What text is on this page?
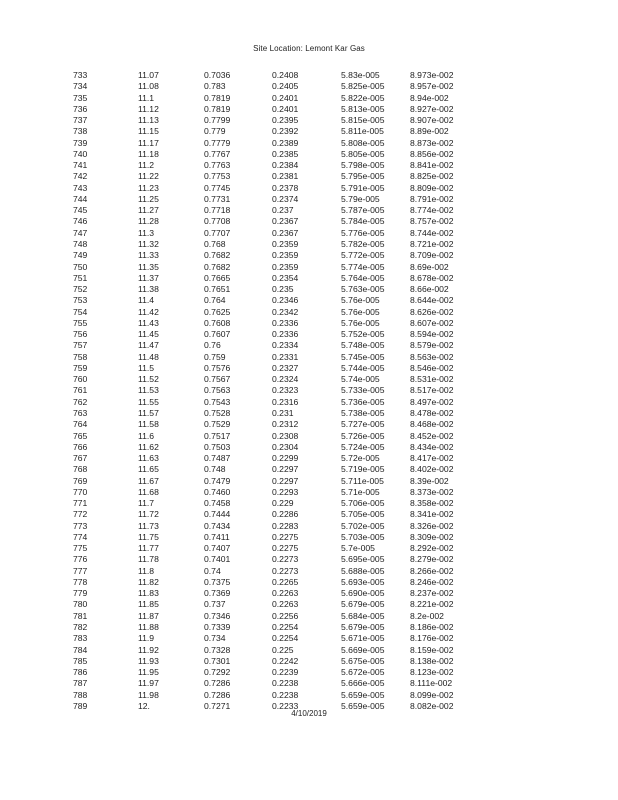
Site Location: Lemont Kar Gas
733	11.07	0.7036	0.2408	5.83e-005	8.973e-002
734	11.08	0.783	0.2405	5.825e-005	8.957e-002
735	11.1	0.7819	0.2401	5.822e-005	8.94e-002
736	11.12	0.7819	0.2401	5.813e-005	8.927e-002
737	11.13	0.7799	0.2395	5.815e-005	8.907e-002
738	11.15	0.779	0.2392	5.811e-005	8.89e-002
739	11.17	0.7779	0.2389	5.808e-005	8.873e-002
740	11.18	0.7767	0.2385	5.805e-005	8.856e-002
741	11.2	0.7763	0.2384	5.798e-005	8.841e-002
742	11.22	0.7753	0.2381	5.795e-005	8.825e-002
743	11.23	0.7745	0.2378	5.791e-005	8.809e-002
744	11.25	0.7731	0.2374	5.79e-005	8.791e-002
745	11.27	0.7718	0.237	5.787e-005	8.774e-002
746	11.28	0.7708	0.2367	5.784e-005	8.757e-002
747	11.3	0.7707	0.2367	5.776e-005	8.744e-002
748	11.32	0.768	0.2359	5.782e-005	8.721e-002
749	11.33	0.7682	0.2359	5.772e-005	8.709e-002
750	11.35	0.7682	0.2359	5.774e-005	8.69e-002
751	11.37	0.7665	0.2354	5.764e-005	8.678e-002
752	11.38	0.7651	0.235	5.763e-005	8.66e-002
753	11.4	0.764	0.2346	5.76e-005	8.644e-002
754	11.42	0.7625	0.2342	5.76e-005	8.626e-002
755	11.43	0.7608	0.2336	5.76e-005	8.607e-002
756	11.45	0.7607	0.2336	5.752e-005	8.594e-002
757	11.47	0.76	0.2334	5.748e-005	8.579e-002
758	11.48	0.759	0.2331	5.745e-005	8.563e-002
759	11.5	0.7576	0.2327	5.744e-005	8.546e-002
760	11.52	0.7567	0.2324	5.74e-005	8.531e-002
761	11.53	0.7563	0.2323	5.733e-005	8.517e-002
762	11.55	0.7543	0.2316	5.736e-005	8.497e-002
763	11.57	0.7528	0.231	5.738e-005	8.478e-002
764	11.58	0.7529	0.2312	5.727e-005	8.468e-002
765	11.6	0.7517	0.2308	5.726e-005	8.452e-002
766	11.62	0.7503	0.2304	5.724e-005	8.434e-002
767	11.63	0.7487	0.2299	5.72e-005	8.417e-002
768	11.65	0.748	0.2297	5.719e-005	8.402e-002
769	11.67	0.7479	0.2297	5.711e-005	8.39e-002
770	11.68	0.7460	0.2293	5.71e-005	8.373e-002
771	11.7	0.7458	0.229	5.706e-005	8.358e-002
772	11.72	0.7444	0.2286	5.705e-005	8.341e-002
773	11.73	0.7434	0.2283	5.702e-005	8.326e-002
774	11.75	0.7411	0.2275	5.703e-005	8.309e-002
775	11.77	0.7407	0.2275	5.7e-005	8.292e-002
776	11.78	0.7401	0.2273	5.695e-005	8.279e-002
777	11.8	0.74	0.2273	5.688e-005	8.266e-002
778	11.82	0.7375	0.2265	5.693e-005	8.246e-002
779	11.83	0.7369	0.2263	5.690e-005	8.237e-002
780	11.85	0.737	0.2263	5.679e-005	8.221e-002
781	11.87	0.7346	0.2256	5.684e-005	8.2e-002
782	11.88	0.7339	0.2254	5.679e-005	8.186e-002
783	11.9	0.734	0.2254	5.671e-005	8.176e-002
784	11.92	0.7328	0.225	5.669e-005	8.159e-002
785	11.93	0.7301	0.2242	5.675e-005	8.138e-002
786	11.95	0.7292	0.2239	5.672e-005	8.123e-002
787	11.97	0.7286	0.2238	5.666e-005	8.111e-002
788	11.98	0.7286	0.2238	5.659e-005	8.099e-002
789	12.	0.7271	0.2233	5.659e-005	8.082e-002
4/10/2019
